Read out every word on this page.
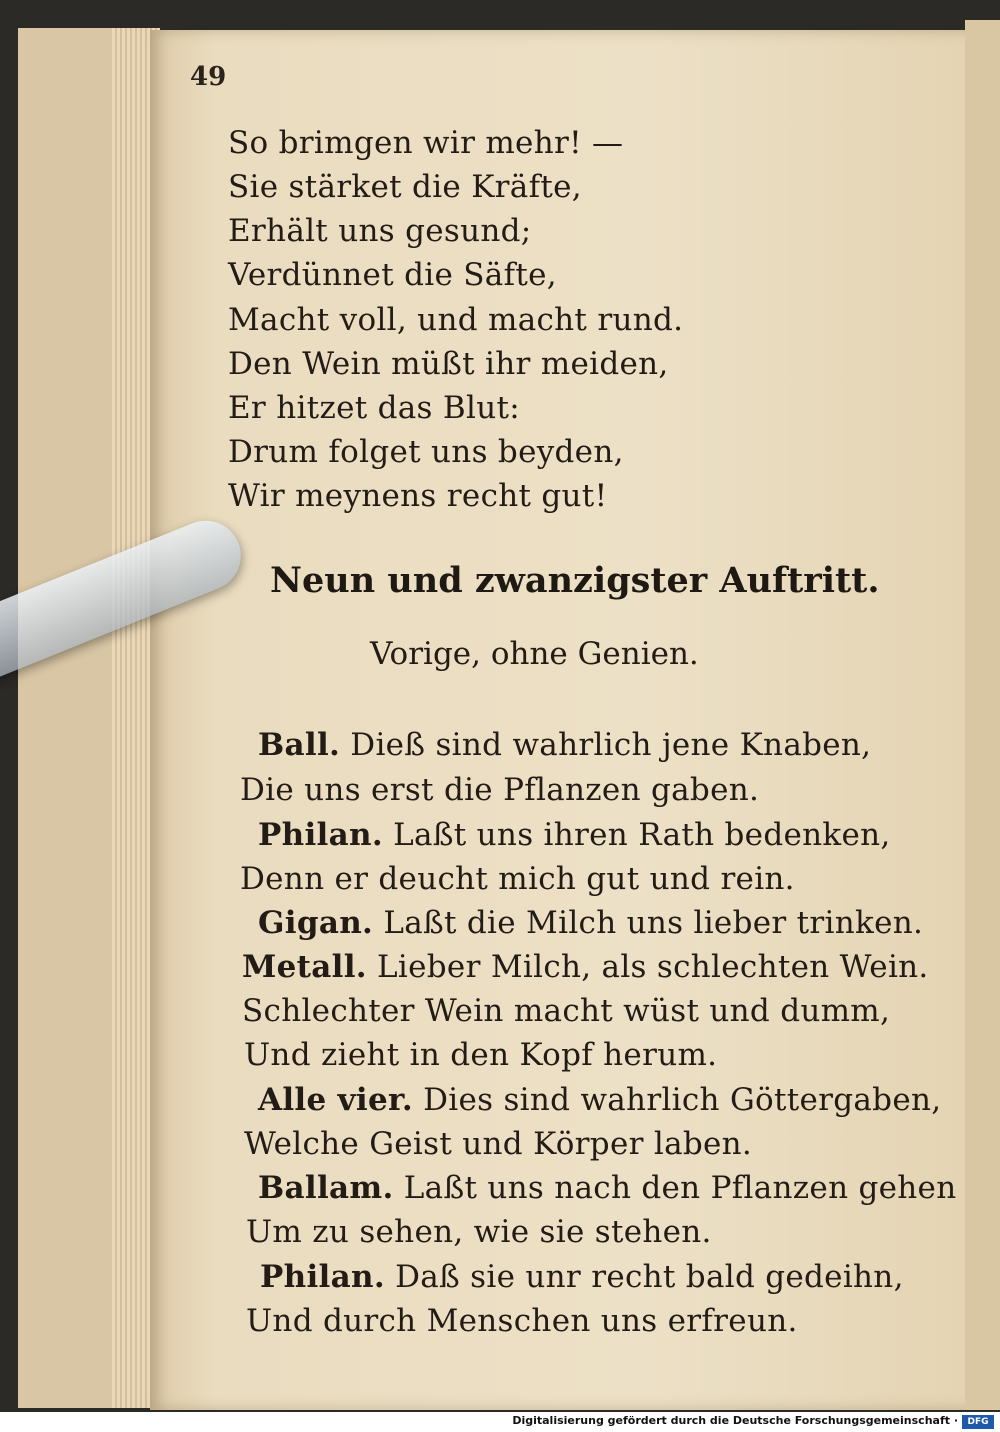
49
So brimgen wir mehr! —
Sie stärket die Kräfte,
Erhält uns gesund;
Verdünnet die Säfte,
Macht voll, und macht rund.
Den Wein müßt ihr meiden,
Er hitzet das Blut:
Drum folget uns beyden,
Wir meynens recht gut!
Neun und zwanzigster Auftritt.
Vorige, ohne Genien.
Ball. Dieß sind wahrlich jene Knaben,
Die uns erst die Pflanzen gaben.
Philan. Laßt uns ihren Rath bedenken,
Denn er deucht mich gut und rein.
Gigan. Laßt die Milch uns lieber trinken.
Metall. Lieber Milch, als schlechten Wein.
Schlechter Wein macht wüst und dumm,
Und zieht in den Kopf herum.
Alle vier. Dies sind wahrlich Göttergaben,
Welche Geist und Körper laben.
Ballam. Laßt uns nach den Pflanzen gehen
Um zu sehen, wie sie stehen.
Philan. Daß sie unr recht bald gedeihn,
Und durch Menschen uns erfreun.
Digitalisierung gefördert durch die Deutsche Forschungsgemeinschaft ·	DFG
